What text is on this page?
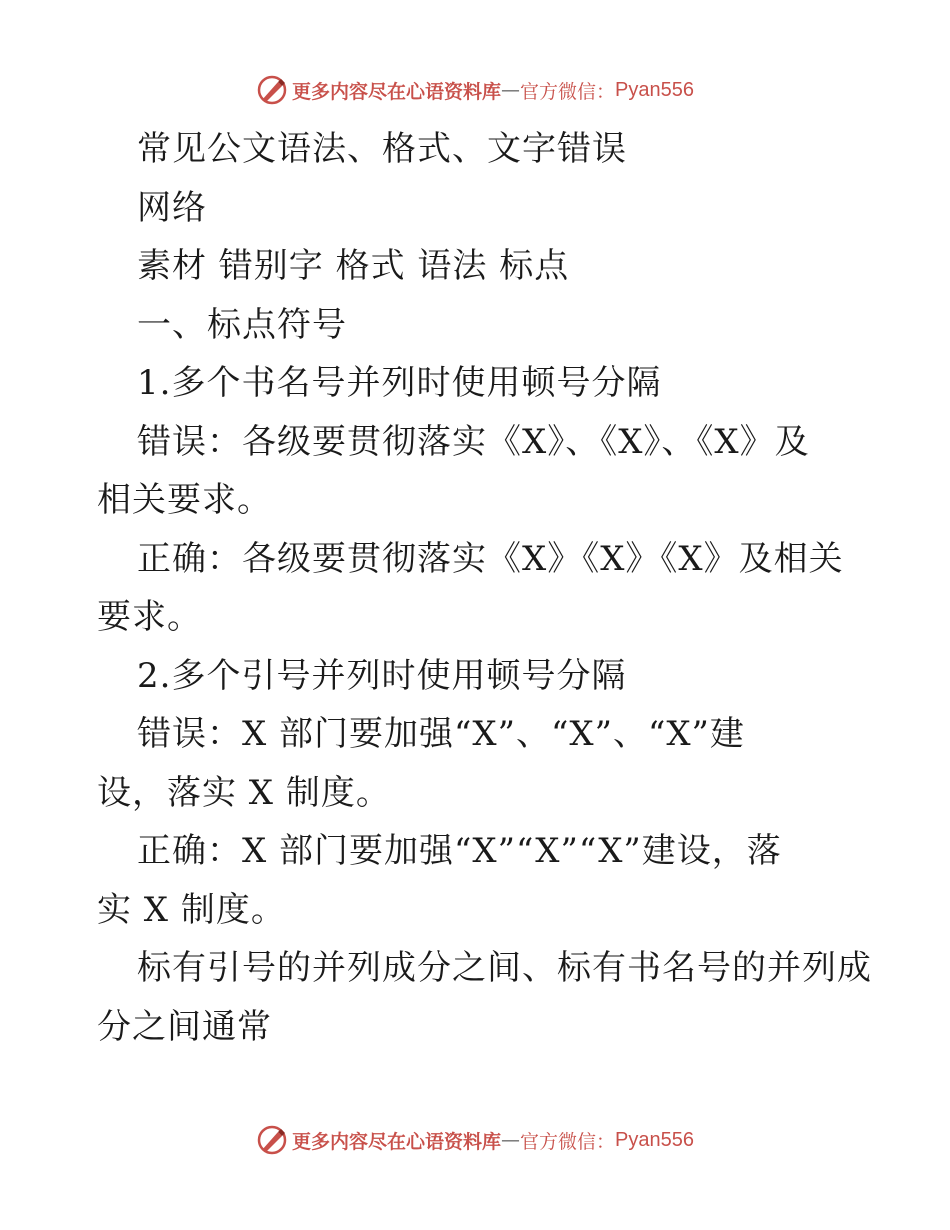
更多内容尽在心语资料库 — 官方微信： Pyan556
常见公文语法、格式、文字错误
网络
素材 错别字 格式 语法 标点
一、标点符号
1.多个书名号并列时使用顿号分隔
错误：各级要贯彻落实《X》、《X》、《X》及
相关要求。
正确：各级要贯彻落实《X》《X》《X》及相关
要求。
2.多个引号并列时使用顿号分隔
错误：X 部门要加强“X”、“X”、“X”建
设，落实 X 制度。
正确：X 部门要加强“X”“X”“X”建设，落
实 X 制度。
标有引号的并列成分之间、标有书名号的并列成
分之间通常
更多内容尽在心语资料库 — 官方微信： Pyan556
